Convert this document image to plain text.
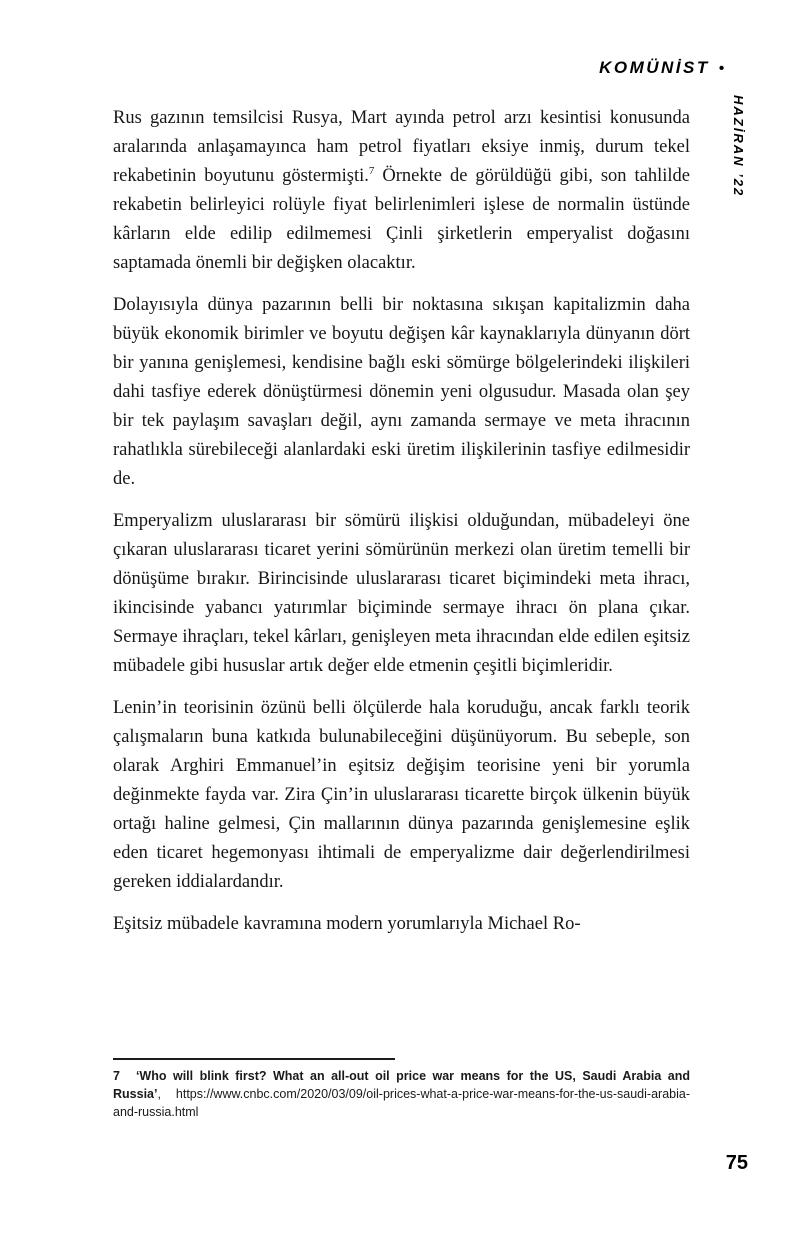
KOMÜNİST •
HAZİRAN ’22

Rus gazının temsilcisi Rusya, Mart ayında petrol arzı kesintisi konusunda aralarında anlaşamayınca ham petrol fiyatları eksiye inmiş, durum tekel rekabetinin boyutunu göstermişti.$^7$ Örnekte de görüldüğü gibi, son tahlilde rekabetin belirleyici rolüyle fiyat belirlenimleri işlese de normalin üstünde kârların elde edilip edilmemesi Çinli şirketlerin emperyalist doğasını saptamada önemli bir değişken olacaktır.

Dolayısıyla dünya pazarının belli bir noktasına sıkışan kapitalizmin daha büyük ekonomik birimler ve boyutu değişen kâr kaynaklarıyla dünyanın dört bir yanına genişlemesi, kendisine bağlı eski sömürge bölgelerindeki ilişkileri dahi tasfiye ederek dönüştürmesi dönemin yeni olgusudur. Masada olan şey bir tek paylaşım savaşları değil, aynı zamanda sermaye ve meta ihracının rahatlıkla sürebileceği alanlardaki eski üretim ilişkilerinin tasfiye edilmesidir de.

Emperyalizm uluslararası bir sömürü ilişkisi olduğundan, mübadeleyi öne çıkaran uluslararası ticaret yerini sömürünün merkezi olan üretim temelli bir dönüşüme bırakır. Birincisinde uluslararası ticaret biçimindeki meta ihracı, ikincisinde yabancı yatırımlar biçiminde sermaye ihracı ön plana çıkar. Sermaye ihraçları, tekel kârları, genişleyen meta ihracından elde edilen eşitsiz mübadele gibi hususlar artık değer elde etmenin çeşitli biçimleridir.

Lenin’in teorisinin özünü belli ölçülerde hala koruduğu, ancak farklı teorik çalışmaların buna katkıda bulunabileceğini düşünüyorum. Bu sebeple, son olarak Arghiri Emmanuel’in eşitsiz değişim teorisine yeni bir yorumla değinmekte fayda var. Zira Çin’in uluslararası ticarette birçok ülkenin büyük ortağı haline gelmesi, Çin mallarının dünya pazarında genişlemesine eşlik eden ticaret hegemonyası ihtimali de emperyalizme dair değerlendirilmesi gereken iddialardandır.

Eşitsiz mübadele kavramına modern yorumlarıyla Michael Ro-

7 ‘Who will blink first? What an all-out oil price war means for the US, Saudi Arabia and Russia’, https://www.cnbc.com/2020/03/09/oil-prices-what-a-price-war-means-for-the-us-saudi-arabia-and-russia.html

75
